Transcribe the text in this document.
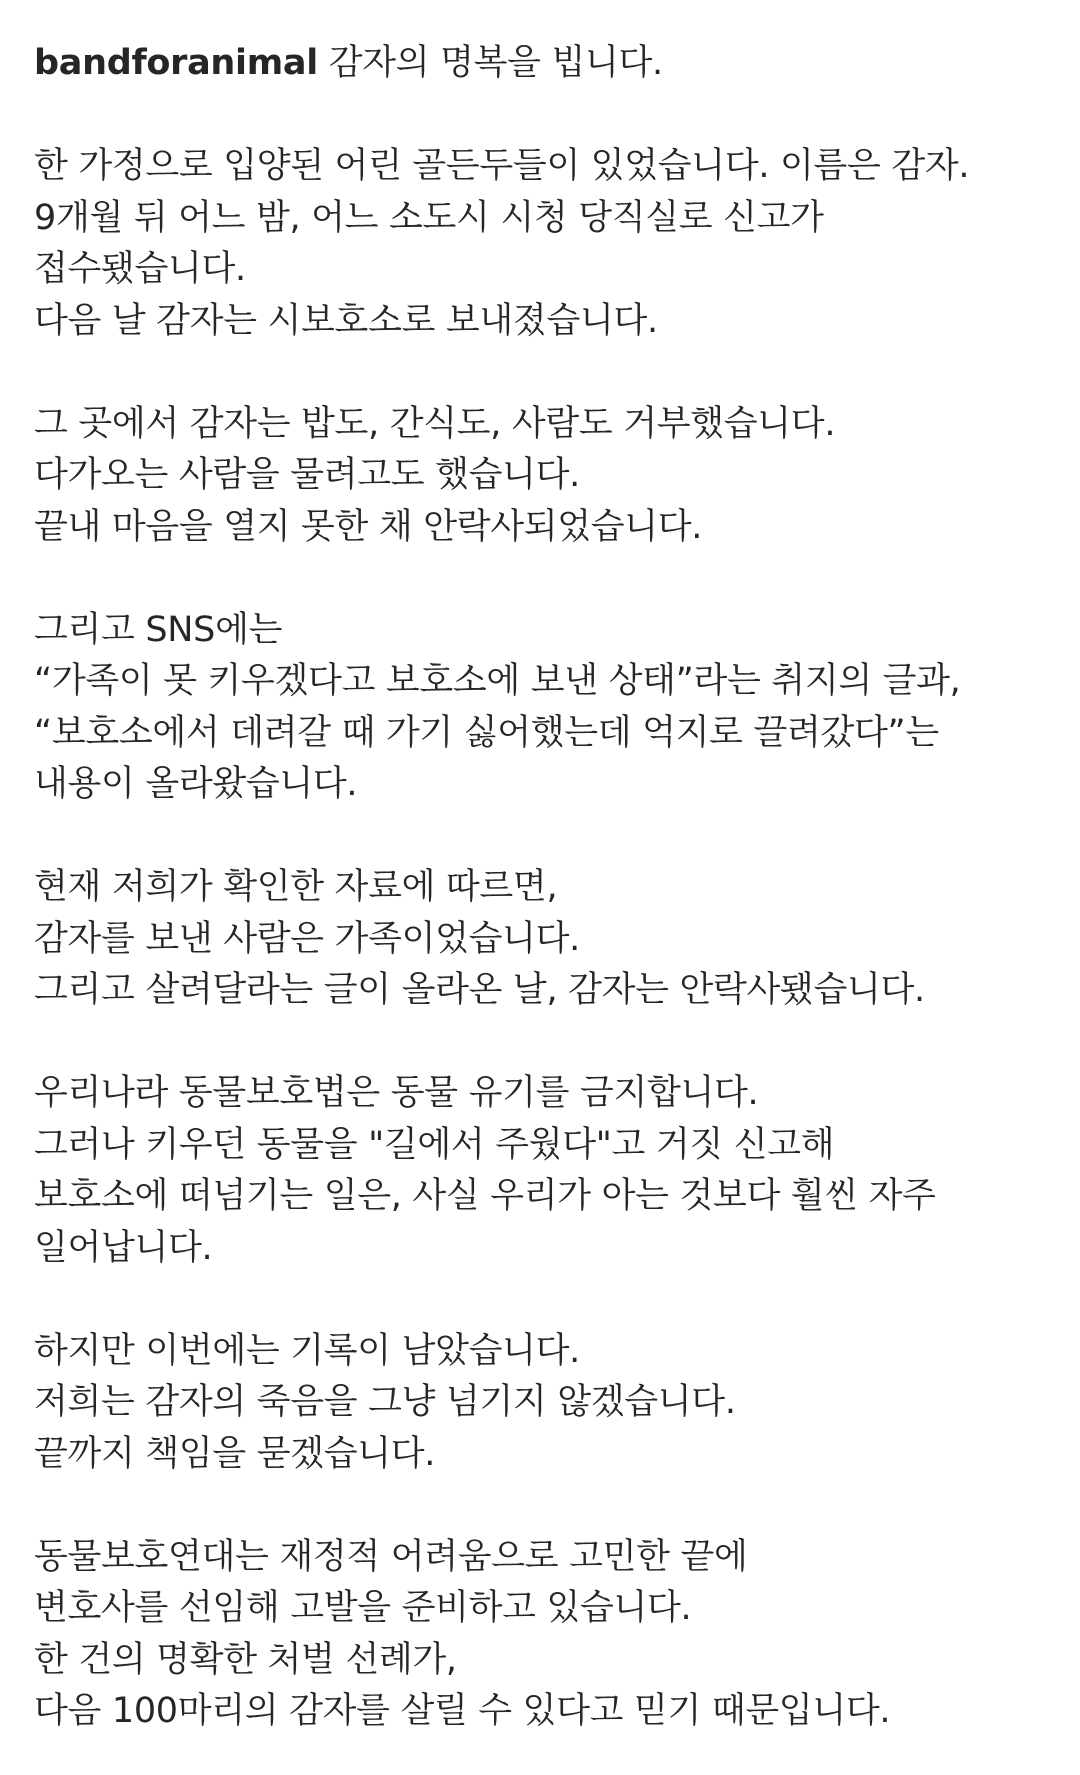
bandforanimal 감자의 명복을 빕니다.
한 가정으로 입양된 어린 골든두들이 있었습니다. 이름은 감자.
9개월 뒤 어느 밤, 어느 소도시 시청 당직실로 신고가
접수됐습니다.
다음 날 감자는 시보호소로 보내졌습니다.
그 곳에서 감자는 밥도, 간식도, 사람도 거부했습니다.
다가오는 사람을 물려고도 했습니다.
끝내 마음을 열지 못한 채 안락사되었습니다.
그리고 SNS에는
“가족이 못 키우겠다고 보호소에 보낸 상태”라는 취지의 글과,
“보호소에서 데려갈 때 가기 싫어했는데 억지로 끌려갔다”는
내용이 올라왔습니다.
현재 저희가 확인한 자료에 따르면,
감자를 보낸 사람은 가족이었습니다.
그리고 살려달라는 글이 올라온 날, 감자는 안락사됐습니다.
우리나라 동물보호법은 동물 유기를 금지합니다.
그러나 키우던 동물을 "길에서 주웠다"고 거짓 신고해
보호소에 떠넘기는 일은, 사실 우리가 아는 것보다 훨씬 자주
일어납니다.
하지만 이번에는 기록이 남았습니다.
저희는 감자의 죽음을 그냥 넘기지 않겠습니다.
끝까지 책임을 묻겠습니다.
동물보호연대는 재정적 어려움으로 고민한 끝에
변호사를 선임해 고발을 준비하고 있습니다.
한 건의 명확한 처벌 선례가,
다음 100마리의 감자를 살릴 수 있다고 믿기 때문입니다.
